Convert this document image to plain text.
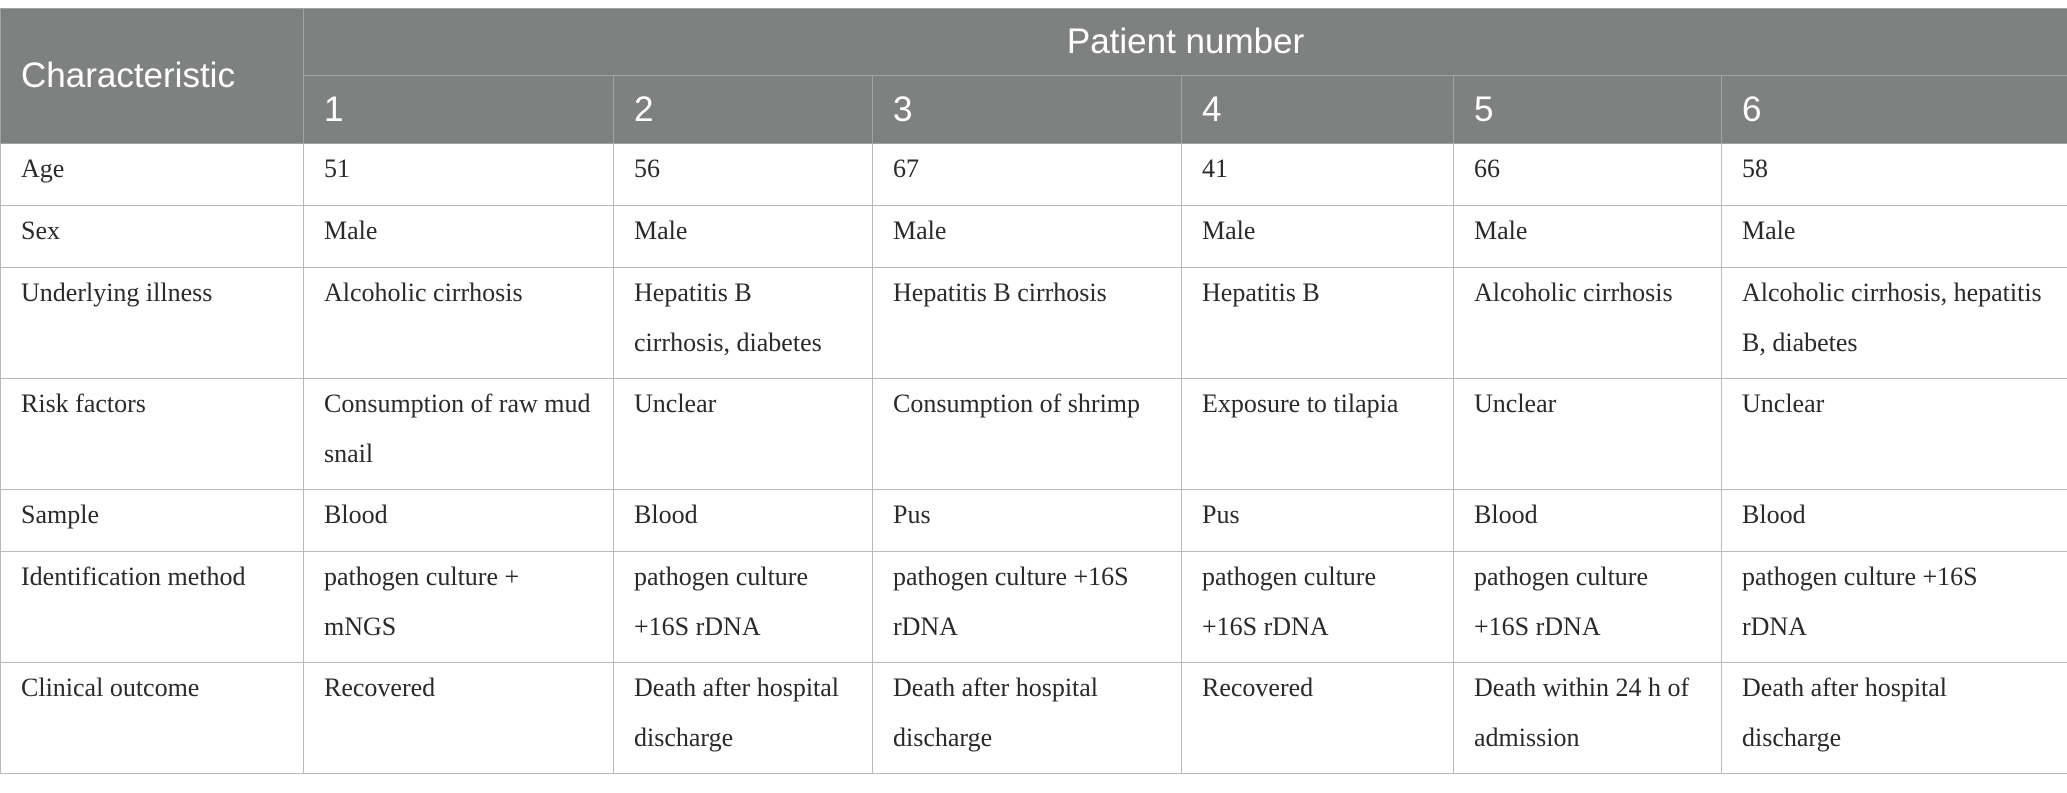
Characteristic	Patient number					
	1	2	3	4	5	6
Age	51	56	67	41	66	58
Sex	Male	Male	Male	Male	Male	Male
Underlying illness	Alcoholic cirrhosis	Hepatitis B cirrhosis, diabetes	Hepatitis B cirrhosis	Hepatitis B	Alcoholic cirrhosis	Alcoholic cirrhosis, hepatitis B, diabetes
Risk factors	Consumption of raw mud snail	Unclear	Consumption of shrimp	Exposure to tilapia	Unclear	Unclear
Sample	Blood	Blood	Pus	Pus	Blood	Blood
Identification method	pathogen culture + mNGS	pathogen culture +16S rDNA	pathogen culture +16S rDNA	pathogen culture +16S rDNA	pathogen culture +16S rDNA	pathogen culture +16S rDNA
Clinical outcome	Recovered	Death after hospital discharge	Death after hospital discharge	Recovered	Death within 24 h of admission	Death after hospital discharge
